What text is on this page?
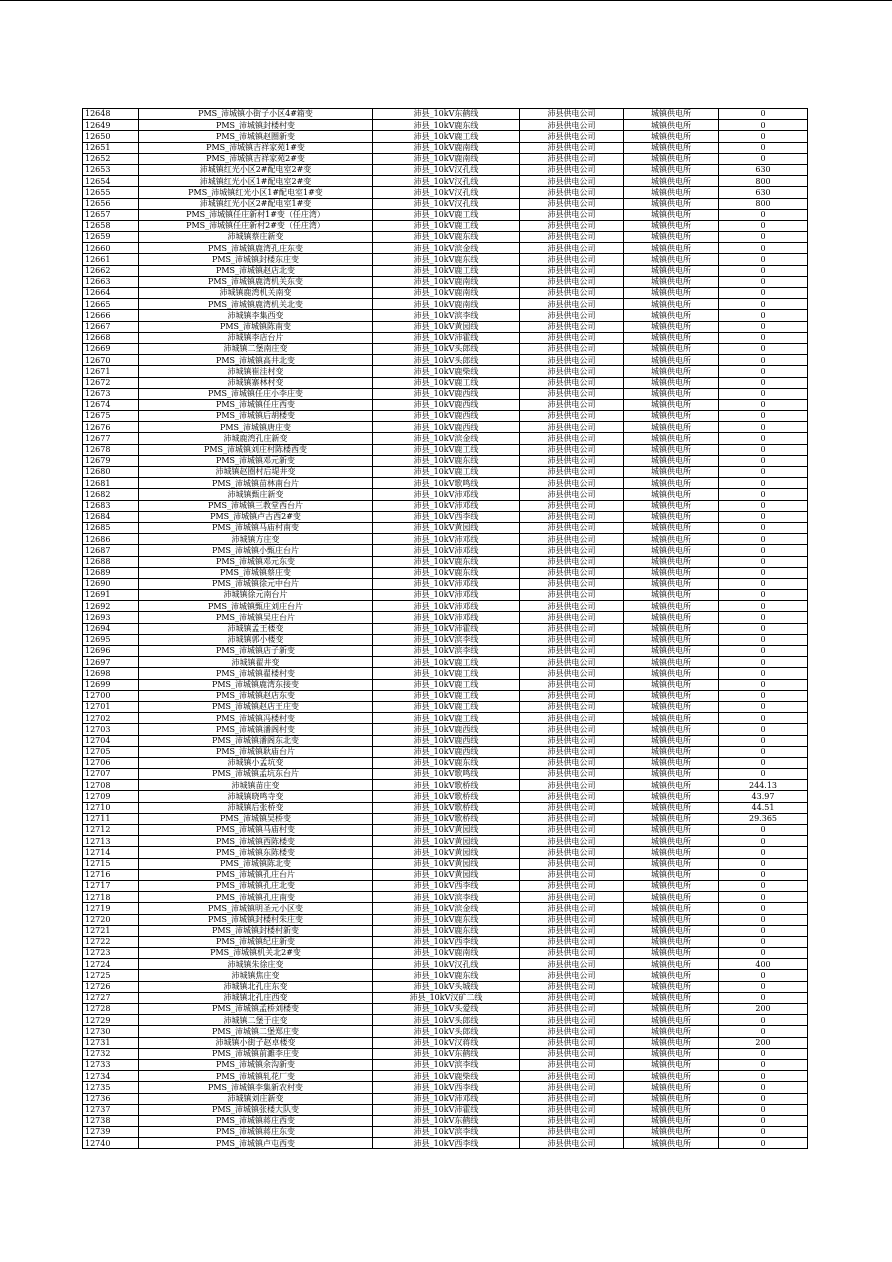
12648	PMS_沛城镇小街子小区4#箱变	沛县_10kV东鹤线	沛县供电公司	城镇供电所	0
12649	PMS_沛城镇封楼村变	沛县_10kV鹿东线	沛县供电公司	城镇供电所	0
12650	PMS_沛城镇赵圈新变	沛县_10kV鹿工线	沛县供电公司	城镇供电所	0
12651	PMS_沛城镇吉祥家苑1#变	沛县_10kV鹿南线	沛县供电公司	城镇供电所	0
12652	PMS_沛城镇吉祥家苑2#变	沛县_10kV鹿南线	沛县供电公司	城镇供电所	0
12653	沛城镇红光小区2#配电室2#变	沛县_10kV汉孔线	沛县供电公司	城镇供电所	630
12654	沛城镇红光小区1#配电室2#变	沛县_10kV汉孔线	沛县供电公司	城镇供电所	800
12655	PMS_沛城镇红光小区1#配电室1#变	沛县_10kV汉孔线	沛县供电公司	城镇供电所	630
12656	沛城镇红光小区2#配电室1#变	沛县_10kV汉孔线	沛县供电公司	城镇供电所	800
12657	PMS_沛城镇任庄新村1#变（任庄湾）	沛县_10kV鹿工线	沛县供电公司	城镇供电所	0
12658	PMS_沛城镇任庄新村2#变（任庄湾）	沛县_10kV鹿工线	沛县供电公司	城镇供电所	0
12659	沛城镇蔡庄新变	沛县_10kV鹿东线	沛县供电公司	城镇供电所	0
12660	PMS_沛城镇鹿湾孔庄东变	沛县_10kV滨金线	沛县供电公司	城镇供电所	0
12661	PMS_沛城镇封楼东庄变	沛县_10kV鹿东线	沛县供电公司	城镇供电所	0
12662	PMS_沛城镇赵店北变	沛县_10kV鹿工线	沛县供电公司	城镇供电所	0
12663	PMS_沛城镇鹿湾机关东变	沛县_10kV鹿南线	沛县供电公司	城镇供电所	0
12664	沛城镇鹿湾机关南变	沛县_10kV鹿南线	沛县供电公司	城镇供电所	0
12665	PMS_沛城镇鹿湾机关北变	沛县_10kV鹿南线	沛县供电公司	城镇供电所	0
12666	沛城镇李集西变	沛县_10kV滨李线	沛县供电公司	城镇供电所	0
12667	PMS_沛城镇陈南变	沛县_10kV黄园线	沛县供电公司	城镇供电所	0
12668	沛城镇李店台片	沛县_10kV沛霍线	沛县供电公司	城镇供电所	0
12669	沛城镇二堡南庄变	沛县_10kV头郎线	沛县供电公司	城镇供电所	0
12670	PMS_沛城镇高井北变	沛县_10kV头郎线	沛县供电公司	城镇供电所	0
12671	沛城镇崔洼村变	沛县_10kV鹿柴线	沛县供电公司	城镇供电所	0
12672	沛城镇寨林村变	沛县_10kV鹿工线	沛县供电公司	城镇供电所	0
12673	PMS_沛城镇任庄小李庄变	沛县_10kV鹿西线	沛县供电公司	城镇供电所	0
12674	PMS_沛城镇任庄西变	沛县_10kV鹿西线	沛县供电公司	城镇供电所	0
12675	PMS_沛城镇后胡楼变	沛县_10kV鹿西线	沛县供电公司	城镇供电所	0
12676	PMS_沛城镇唐庄变	沛县_10kV鹿西线	沛县供电公司	城镇供电所	0
12677	沛城鹿湾孔庄新变	沛县_10kV滨金线	沛县供电公司	城镇供电所	0
12678	PMS_沛城镇刘庄村陈楼西变	沛县_10kV鹿工线	沛县供电公司	城镇供电所	0
12679	PMS_沛城镇邓元新变	沛县_10kV鹿东线	沛县供电公司	城镇供电所	0
12680	沛城镇赵圈村后堤井变	沛县_10kV鹿工线	沛县供电公司	城镇供电所	0
12681	PMS_沛城镇苗林南台片	沛县_10kV歌鸣线	沛县供电公司	城镇供电所	0
12682	沛城镇甄庄新变	沛县_10kV沛邓线	沛县供电公司	城镇供电所	0
12683	PMS_沛城镇三教堂西台片	沛县_10kV沛邓线	沛县供电公司	城镇供电所	0
12684	PMS_沛城镇卢古西2#变	沛县_10kV西李线	沛县供电公司	城镇供电所	0
12685	PMS_沛城镇马庙村南变	沛县_10kV黄园线	沛县供电公司	城镇供电所	0
12686	沛城镇方庄变	沛县_10kV沛邓线	沛县供电公司	城镇供电所	0
12687	PMS_沛城镇小甄庄台片	沛县_10kV沛邓线	沛县供电公司	城镇供电所	0
12688	PMS_沛城镇邓元东变	沛县_10kV鹿东线	沛县供电公司	城镇供电所	0
12689	PMS_沛城镇蔡庄变	沛县_10kV鹿东线	沛县供电公司	城镇供电所	0
12690	PMS_沛城镇徐元中台片	沛县_10kV沛邓线	沛县供电公司	城镇供电所	0
12691	沛城镇徐元南台片	沛县_10kV沛邓线	沛县供电公司	城镇供电所	0
12692	PMS_沛城镇甄庄刘庄台片	沛县_10kV沛邓线	沛县供电公司	城镇供电所	0
12693	PMS_沛城镇吴庄台片	沛县_10kV沛邓线	沛县供电公司	城镇供电所	0
12694	沛城镇孟王楼变	沛县_10kV沛霍线	沛县供电公司	城镇供电所	0
12695	沛城镇郭小楼变	沛县_10kV滨李线	沛县供电公司	城镇供电所	0
12696	PMS_沛城镇店子新变	沛县_10kV滨李线	沛县供电公司	城镇供电所	0
12697	沛城镇翟井变	沛县_10kV鹿工线	沛县供电公司	城镇供电所	0
12698	PMS_沛城镇翟楼村变	沛县_10kV鹿工线	沛县供电公司	城镇供电所	0
12699	PMS_沛城镇鹿湾东接变	沛县_10kV鹿工线	沛县供电公司	城镇供电所	0
12700	PMS_沛城镇赵店东变	沛县_10kV鹿工线	沛县供电公司	城镇供电所	0
12701	PMS_沛城镇赵店王庄变	沛县_10kV鹿工线	沛县供电公司	城镇供电所	0
12702	PMS_沛城镇冯楼村变	沛县_10kV鹿工线	沛县供电公司	城镇供电所	0
12703	PMS_沛城镇潘阁村变	沛县_10kV鹿西线	沛县供电公司	城镇供电所	0
12704	PMS_沛城镇潘阁东北变	沛县_10kV鹿西线	沛县供电公司	城镇供电所	0
12705	PMS_沛城镇耿庙台片	沛县_10kV鹿西线	沛县供电公司	城镇供电所	0
12706	沛城镇小孟坑变	沛县_10kV鹿东线	沛县供电公司	城镇供电所	0
12707	PMS_沛城镇孟坑东台片	沛县_10kV歌鸣线	沛县供电公司	城镇供电所	0
12708	沛城镇苗庄变	沛县_10kV歌桥线	沛县供电公司	城镇供电所	244.13
12709	沛城镇晓鸣寺变	沛县_10kV歌桥线	沛县供电公司	城镇供电所	43.97
12710	沛城镇后张桥变	沛县_10kV歌桥线	沛县供电公司	城镇供电所	44.51
12711	PMS_沛城镇吴桥变	沛县_10kV歌桥线	沛县供电公司	城镇供电所	29.365
12712	PMS_沛城镇马庙村变	沛县_10kV黄园线	沛县供电公司	城镇供电所	0
12713	PMS_沛城镇西陈楼变	沛县_10kV黄园线	沛县供电公司	城镇供电所	0
12714	PMS_沛城镇东陈楼变	沛县_10kV黄园线	沛县供电公司	城镇供电所	0
12715	PMS_沛城镇陈北变	沛县_10kV黄园线	沛县供电公司	城镇供电所	0
12716	PMS_沛城镇孔庄台片	沛县_10kV黄园线	沛县供电公司	城镇供电所	0
12717	PMS_沛城镇孔庄北变	沛县_10kV西李线	沛县供电公司	城镇供电所	0
12718	PMS_沛城镇孔庄南变	沛县_10kV滨李线	沛县供电公司	城镇供电所	0
12719	PMS_沛城镇明圣元小区变	沛县_10kV滨金线	沛县供电公司	城镇供电所	0
12720	PMS_沛城镇封楼村朱庄变	沛县_10kV鹿东线	沛县供电公司	城镇供电所	0
12721	PMS_沛城镇封楼村新变	沛县_10kV鹿东线	沛县供电公司	城镇供电所	0
12722	PMS_沛城镇纪庄新变	沛县_10kV西李线	沛县供电公司	城镇供电所	0
12723	PMS_沛城镇机关北2#变	沛县_10kV鹿南线	沛县供电公司	城镇供电所	0
12724	沛城镇朱徐庄变	沛县_10kV汉孔线	沛县供电公司	城镇供电所	400
12725	沛城镇焦庄变	沛县_10kV鹿东线	沛县供电公司	城镇供电所	0
12726	沛城镇北孔庄东变	沛县_10kV头城线	沛县供电公司	城镇供电所	0
12727	沛城镇北孔庄西变	沛县_10kV汉矿二线	沛县供电公司	城镇供电所	0
12728	PMS_沛城镇孟桥刘楼变	沛县_10kV头爱线	沛县供电公司	城镇供电所	200
12729	沛城镇二堡于庄变	沛县_10kV头郎线	沛县供电公司	城镇供电所	0
12730	PMS_沛城镇二堡郑庄变	沛县_10kV头郎线	沛县供电公司	城镇供电所	0
12731	沛城镇小街子赵卓楼变	沛县_10kV汉蒋线	沛县供电公司	城镇供电所	200
12732	PMS_沛城镇前濉李庄变	沛县_10kV东鹤线	沛县供电公司	城镇供电所	0
12733	PMS_沛城镇余沟新变	沛县_10kV滨李线	沛县供电公司	城镇供电所	0
12734	PMS_沛城镇轧花厂变	沛县_10kV鹿柴线	沛县供电公司	城镇供电所	0
12735	PMS_沛城镇李集新农村变	沛县_10kV西李线	沛县供电公司	城镇供电所	0
12736	沛城镇刘庄新变	沛县_10kV沛邓线	沛县供电公司	城镇供电所	0
12737	PMS_沛城镇张楼大队变	沛县_10kV沛霍线	沛县供电公司	城镇供电所	0
12738	PMS_沛城镇蒋庄西变	沛县_10kV东鹤线	沛县供电公司	城镇供电所	0
12739	PMS_沛城镇蒋庄东变	沛县_10kV滨李线	沛县供电公司	城镇供电所	0
12740	PMS_沛城镇卢屯西变	沛县_10kV西李线	沛县供电公司	城镇供电所	0
